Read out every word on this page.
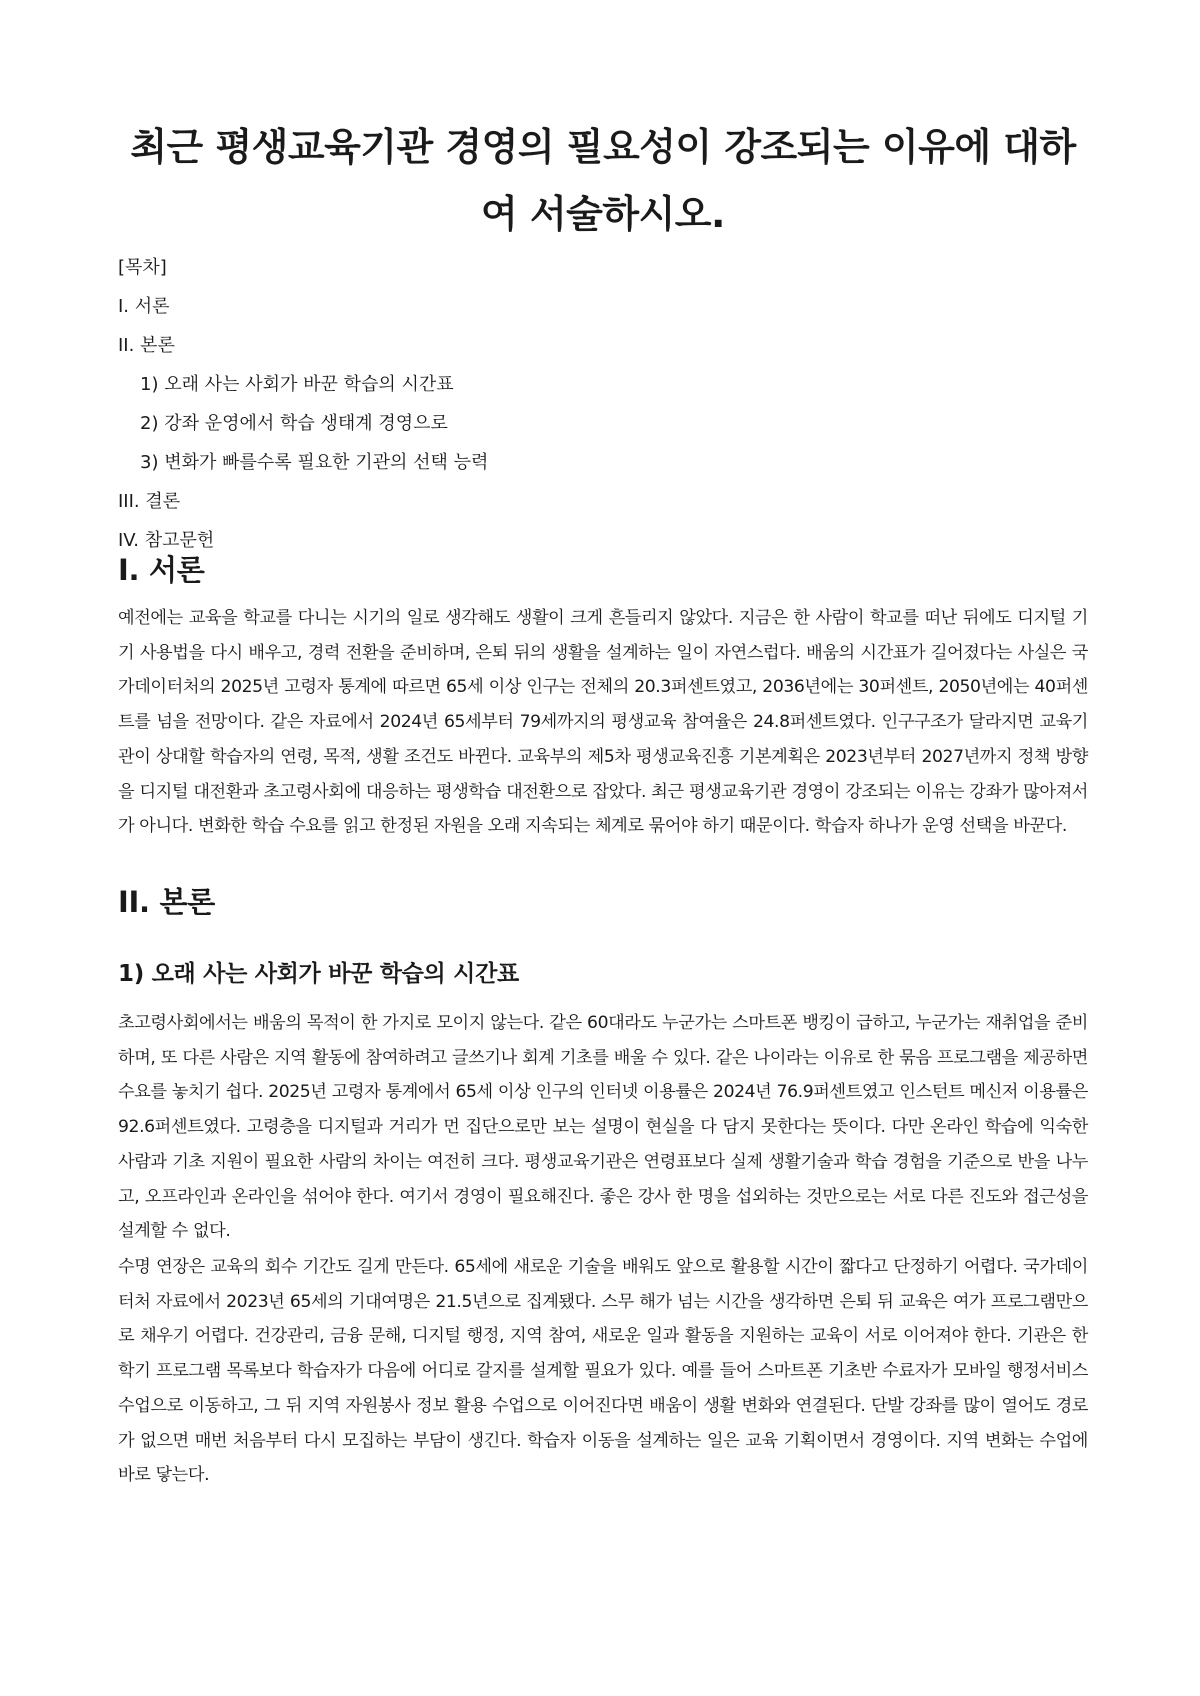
최근 평생교육기관 경영의 필요성이 강조되는 이유에 대하여 서술하시오.
[목차]
I. 서론
II. 본론
1) 오래 사는 사회가 바꾼 학습의 시간표
2) 강좌 운영에서 학습 생태계 경영으로
3) 변화가 빠를수록 필요한 기관의 선택 능력
III. 결론
IV. 참고문헌
I. 서론

예전에는 교육을 학교를 다니는 시기의 일로 생각해도 생활이 크게 흔들리지 않았다. 지금은 한 사람이 학교를 떠난 뒤에도 디지털 기기 사용법을 다시 배우고, 경력 전환을 준비하며, 은퇴 뒤의 생활을 설계하는 일이 자연스럽다. 배움의 시간표가 길어졌다는 사실은 국가데이터처의 2025년 고령자 통계에 따르면 65세 이상 인구는 전체의 20.3퍼센트였고, 2036년에는 30퍼센트, 2050년에는 40퍼센트를 넘을 전망이다. 같은 자료에서 2024년 65세부터 79세까지의 평생교육 참여율은 24.8퍼센트였다. 인구구조가 달라지면 교육기관이 상대할 학습자의 연령, 목적, 생활 조건도 바뀐다. 교육부의 제5차 평생교육진흥 기본계획은 2023년부터 2027년까지 정책 방향을 디지털 대전환과 초고령사회에 대응하는 평생학습 대전환으로 잡았다. 최근 평생교육기관 경영이 강조되는 이유는 강좌가 많아져서가 아니다. 변화한 학습 수요를 읽고 한정된 자원을 오래 지속되는 체계로 묶어야 하기 때문이다. 학습자 하나가 운영 선택을 바꾼다.

II. 본론
1) 오래 사는 사회가 바꾼 학습의 시간표

초고령사회에서는 배움의 목적이 한 가지로 모이지 않는다. 같은 60대라도 누군가는 스마트폰 뱅킹이 급하고, 누군가는 재취업을 준비하며, 또 다른 사람은 지역 활동에 참여하려고 글쓰기나 회계 기초를 배울 수 있다. 같은 나이라는 이유로 한 묶음 프로그램을 제공하면 수요를 놓치기 쉽다. 2025년 고령자 통계에서 65세 이상 인구의 인터넷 이용률은 2024년 76.9퍼센트였고 인스턴트 메신저 이용률은 92.6퍼센트였다. 고령층을 디지털과 거리가 먼 집단으로만 보는 설명이 현실을 다 담지 못한다는 뜻이다. 다만 온라인 학습에 익숙한 사람과 기초 지원이 필요한 사람의 차이는 여전히 크다. 평생교육기관은 연령표보다 실제 생활기술과 학습 경험을 기준으로 반을 나누고, 오프라인과 온라인을 섞어야 한다. 여기서 경영이 필요해진다. 좋은 강사 한 명을 섭외하는 것만으로는 서로 다른 진도와 접근성을 설계할 수 없다.

수명 연장은 교육의 회수 기간도 길게 만든다. 65세에 새로운 기술을 배워도 앞으로 활용할 시간이 짧다고 단정하기 어렵다. 국가데이터처 자료에서 2023년 65세의 기대여명은 21.5년으로 집계됐다. 스무 해가 넘는 시간을 생각하면 은퇴 뒤 교육은 여가 프로그램만으로 채우기 어렵다. 건강관리, 금융 문해, 디지털 행정, 지역 참여, 새로운 일과 활동을 지원하는 교육이 서로 이어져야 한다. 기관은 한 학기 프로그램 목록보다 학습자가 다음에 어디로 갈지를 설계할 필요가 있다. 예를 들어 스마트폰 기초반 수료자가 모바일 행정서비스 수업으로 이동하고, 그 뒤 지역 자원봉사 정보 활용 수업으로 이어진다면 배움이 생활 변화와 연결된다. 단발 강좌를 많이 열어도 경로가 없으면 매번 처음부터 다시 모집하는 부담이 생긴다. 학습자 이동을 설계하는 일은 교육 기획이면서 경영이다. 지역 변화는 수업에 바로 닿는다.
